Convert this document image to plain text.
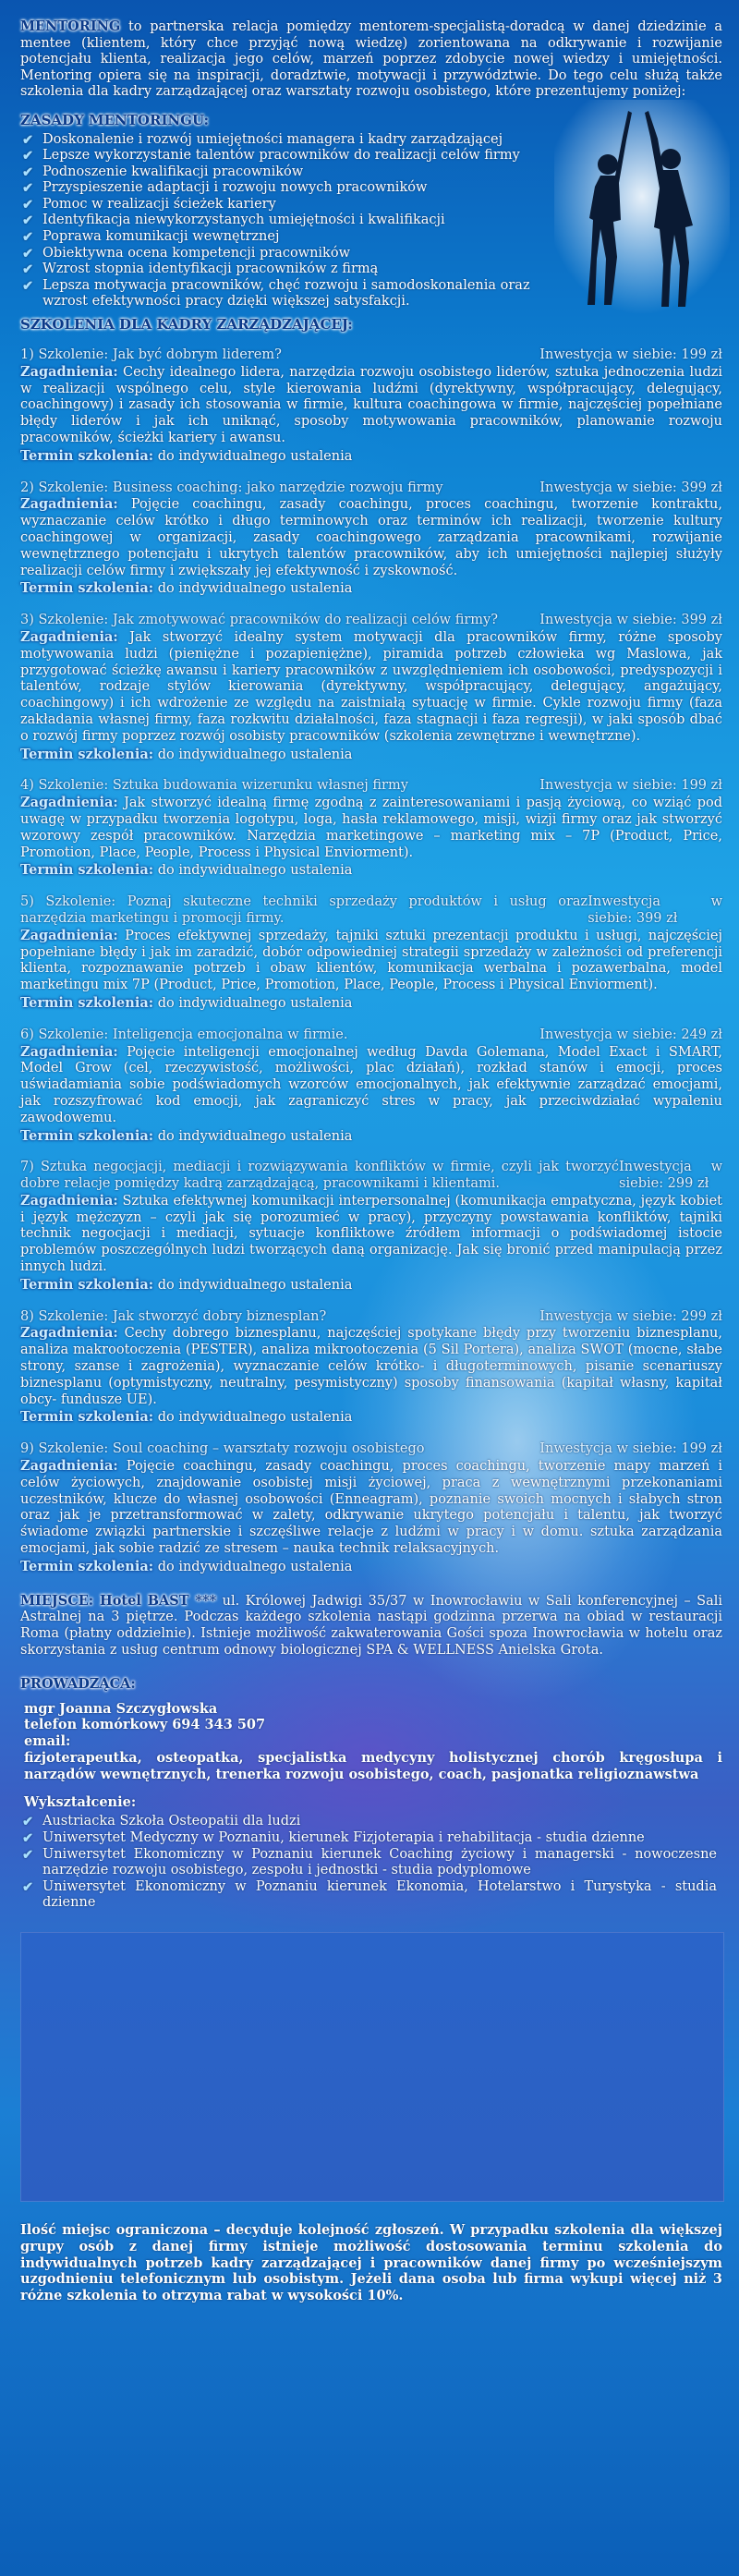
MENTORING to partnerska relacja pomiędzy mentorem-specjalistą-doradcą w danej dziedzinie a mentee (klientem, który chce przyjąć nową wiedzę) zorientowana na odkrywanie i rozwijanie potencjału klienta, realizacja jego celów, marzeń poprzez zdobycie nowej wiedzy i umiejętności. Mentoring opiera się na inspiracji, doradztwie, motywacji i przywództwie. Do tego celu służą także szkolenia dla kadry zarządzającej oraz warsztaty rozwoju osobistego, które prezentujemy poniżej:

ZASADY MENTORINGU:
✔ Doskonalenie i rozwój umiejętności managera i kadry zarządzającej
✔ Lepsze wykorzystanie talentów pracowników do realizacji celów firmy
✔ Podnoszenie kwalifikacji pracowników
✔ Przyspieszenie adaptacji i rozwoju nowych pracowników
✔ Pomoc w realizacji ścieżek kariery
✔ Identyfikacja niewykorzystanych umiejętności i kwalifikacji
✔ Poprawa komunikacji wewnętrznej
✔ Obiektywna ocena kompetencji pracowników
✔ Wzrost stopnia identyfikacji pracowników z firmą
✔ Lepsza motywacja pracowników, chęć rozwoju i samodoskonalenia oraz wzrost efektywności pracy dzięki większej satysfakcji.
SZKOLENIA DLA KADRY ZARZĄDZAJĄCEJ:
1) Szkolenie: Jak być dobrym liderem?	Inwestycja w siebie: 199 zł
Zagadnienia: Cechy idealnego lidera, narzędzia rozwoju osobistego liderów, sztuka jednoczenia ludzi w realizacji wspólnego celu, style kierowania ludźmi (dyrektywny, współpracujący, delegujący, coachingowy) i zasady ich stosowania w firmie, kultura coachingowa w firmie, najczęściej popełniane błędy liderów i jak ich uniknąć, sposoby motywowania pracowników, planowanie rozwoju pracowników, ścieżki kariery i awansu.
Termin szkolenia: do indywidualnego ustalenia
2) Szkolenie: Business coaching: jako narzędzie rozwoju firmy	Inwestycja w siebie: 399 zł
Zagadnienia: Pojęcie coachingu, zasady coachingu, proces coachingu, tworzenie kontraktu, wyznaczanie celów krótko i długo terminowych oraz terminów ich realizacji, tworzenie kultury coachingowej w organizacji, zasady coachingowego zarządzania pracownikami, rozwijanie wewnętrznego potencjału i ukrytych talentów pracowników, aby ich umiejętności najlepiej służyły realizacji celów firmy i zwiększały jej efektywność i zyskowność.
Termin szkolenia: do indywidualnego ustalenia
3) Szkolenie: Jak zmotywować pracowników do realizacji celów firmy?	Inwestycja w siebie: 399 zł
Zagadnienia: Jak stworzyć idealny system motywacji dla pracowników firmy, różne sposoby motywowania ludzi (pieniężne i pozapieniężne), piramida potrzeb człowieka wg Maslowa, jak przygotować ścieżkę awansu i kariery pracowników z uwzględnieniem ich osobowości, predyspozycji i talentów, rodzaje stylów kierowania (dyrektywny, współpracujący, delegujący, angażujący, coachingowy) i ich wdrożenie ze względu na zaistniałą sytuację w firmie. Cykle rozwoju firmy (faza zakładania własnej firmy, faza rozkwitu działalności, faza stagnacji i faza regresji), w jaki sposób dbać o rozwój firmy poprzez rozwój osobisty pracowników (szkolenia zewnętrzne i wewnętrzne).
Termin szkolenia: do indywidualnego ustalenia
4) Szkolenie: Sztuka budowania wizerunku własnej firmy	Inwestycja w siebie: 199 zł
Zagadnienia: Jak stworzyć idealną firmę zgodną z zainteresowaniami i pasją życiową, co wziąć pod uwagę w przypadku tworzenia logotypu, loga, hasła reklamowego, misji, wizji firmy oraz jak stworzyć wzorowy zespół pracowników. Narzędzia marketingowe – marketing mix – 7P (Product, Price, Promotion, Place, People, Process i Physical Enviorment).
Termin szkolenia: do indywidualnego ustalenia
5) Szkolenie: Poznaj skuteczne techniki sprzedaży produktów i usług oraz narzędzia marketingu i promocji firmy.
Inwestycja w siebie: 399 zł
Zagadnienia: Proces efektywnej sprzedaży, tajniki sztuki prezentacji produktu i usługi, najczęściej popełniane błędy i jak im zaradzić, dobór odpowiedniej strategii sprzedaży w zależności od preferencji klienta, rozpoznawanie potrzeb i obaw klientów, komunikacja werbalna i pozawerbalna, model marketingu mix 7P (Product, Price, Promotion, Place, People, Process i Physical Enviorment).
Termin szkolenia: do indywidualnego ustalenia
6) Szkolenie: Inteligencja emocjonalna w firmie.	Inwestycja w siebie: 249 zł
Zagadnienia: Pojęcie inteligencji emocjonalnej według Davda Golemana, Model Exact i SMART, Model Grow (cel, rzeczywistość, możliwości, plac działań), rozkład stanów i emocji, proces uświadamiania sobie podświadomych wzorców emocjonalnych, jak efektywnie zarządzać emocjami, jak rozszyfrować kod emocji, jak zagraniczyć stres w pracy, jak przeciwdziałać wypaleniu zawodowemu.
Termin szkolenia: do indywidualnego ustalenia
7) Sztuka negocjacji, mediacji i rozwiązywania konfliktów w firmie, czyli jak tworzyć dobre relacje pomiędzy kadrą zarządzającą, pracownikami i klientami.
Inwestycja w siebie: 299 zł
Zagadnienia: Sztuka efektywnej komunikacji interpersonalnej (komunikacja empatyczna, język kobiet i język mężczyzn – czyli jak się porozumieć w pracy), przyczyny powstawania konfliktów, tajniki technik negocjacji i mediacji, sytuacje konfliktowe źródłem informacji o podświadomej istocie problemów poszczególnych ludzi tworzących daną organizację. Jak się bronić przed manipulacją przez innych ludzi.
Termin szkolenia: do indywidualnego ustalenia
8) Szkolenie: Jak stworzyć dobry biznesplan?	Inwestycja w siebie: 299 zł
Zagadnienia: Cechy dobrego biznesplanu, najczęściej spotykane błędy przy tworzeniu biznesplanu, analiza makrootoczenia (PESTER), analiza mikrootoczenia (5 Sil Portera), analiza SWOT (mocne, słabe strony, szanse i zagrożenia), wyznaczanie celów krótko- i długoterminowych, pisanie scenariuszy biznesplanu (optymistyczny, neutralny, pesymistyczny) sposoby finansowania (kapitał własny, kapitał obcy- fundusze UE).
Termin szkolenia: do indywidualnego ustalenia
9) Szkolenie: Soul coaching – warsztaty rozwoju osobistego	Inwestycja w siebie: 199 zł
Zagadnienia: Pojęcie coachingu, zasady coachingu, proces coachingu, tworzenie mapy marzeń i celów życiowych, znajdowanie osobistej misji życiowej, praca z wewnętrznymi przekonaniami uczestników, klucze do własnej osobowości (Enneagram), poznanie swoich mocnych i słabych stron oraz jak je przetransformować w zalety, odkrywanie ukrytego potencjału i talentu, jak tworzyć świadome związki partnerskie i szczęśliwe relacje z ludźmi w pracy i w domu. sztuka zarządzania emocjami, jak sobie radzić ze stresem – nauka technik relaksacyjnych.
Termin szkolenia: do indywidualnego ustalenia
MIEJSCE: Hotel BAST *** ul. Królowej Jadwigi 35/37 w Inowrocławiu w Sali konferencyjnej – Sali Astralnej na 3 piętrze. Podczas każdego szkolenia nastąpi godzinna przerwa na obiad w restauracji Roma (płatny oddzielnie). Istnieje możliwość zakwaterowania Gości spoza Inowrocławia w hotelu oraz skorzystania z usług centrum odnowy biologicznej SPA & WELLNESS Anielska Grota.
PROWADZĄCA:
mgr Joanna Szczygłowska
telefon komórkowy 694 343 507
email:
fizjoterapeutka, osteopatka, specjalistka medycyny holistycznej chorób kręgosłupa i narządów wewnętrznych, trenerka rozwoju osobistego, coach, pasjonatka religioznawstwa
Wykształcenie:
✔ Austriacka Szkoła Osteopatii dla ludzi
✔ Uniwersytet Medyczny w Poznaniu, kierunek Fizjoterapia i rehabilitacja - studia dzienne
✔ Uniwersytet Ekonomiczny w Poznaniu kierunek Coaching życiowy i managerski - nowoczesne narzędzie rozwoju osobistego, zespołu i jednostki - studia podyplomowe
✔ Uniwersytet Ekonomiczny w Poznaniu kierunek Ekonomia, Hotelarstwo i Turystyka - studia dzienne

Ilość miejsc ograniczona – decyduje kolejność zgłoszeń. W przypadku szkolenia dla większej grupy osób z danej firmy istnieje możliwość dostosowania terminu szkolenia do indywidualnych potrzeb kadry zarządzającej i pracowników danej firmy po wcześniejszym uzgodnieniu telefonicznym lub osobistym. Jeżeli dana osoba lub firma wykupi więcej niż 3 różne szkolenia to otrzyma rabat w wysokości 10%.
